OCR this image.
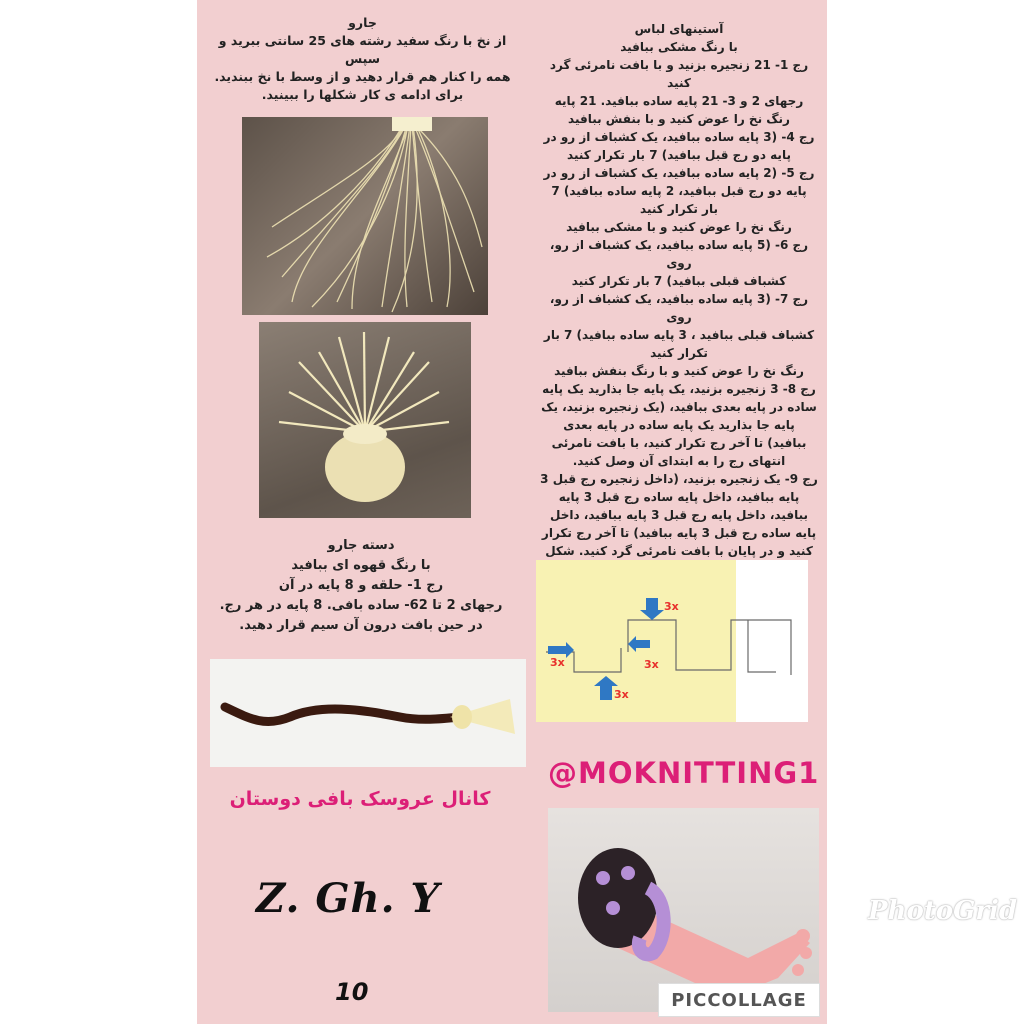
جارو
از نخ با رنگ سفید رشته های 25 سانتی ببرید و سپس
همه را کنار هم قرار دهید و از وسط با نخ ببندید.
برای ادامه ی کار شکلها را ببینید.
آستینهای لباس
با رنگ مشکی ببافید
رج 1- 21 زنجیره بزنید و با بافت نامرئی گرد کنید
رجهای 2 و 3- 21 پایه ساده ببافید. 21 پایه
رنگ نخ را عوض کنید و با بنفش ببافید
رج 4- (3 پایه ساده ببافید، یک کشباف از رو در
پایه دو رج قبل ببافید) 7 بار تکرار کنید
رج 5- (2 پایه ساده ببافید، یک کشباف از رو در
پایه دو رج قبل ببافید، 2 پایه ساده ببافید) 7
بار تکرار کنید
رنگ نخ را عوض کنید و با مشکی ببافید
رج 6- (5 پایه ساده ببافید، یک کشباف از رو، روی
کشباف قبلی ببافید) 7 بار تکرار کنید
رج 7- (3 پایه ساده ببافید، یک کشباف از رو، روی
کشباف قبلی ببافید ، 3 پایه ساده ببافید) 7 بار
تکرار کنید
رنگ نخ را عوض کنید و با رنگ بنفش ببافید
رج 8- 3 زنجیره بزنید، یک پایه جا بذارید یک پایه
ساده در پایه بعدی ببافید، (یک زنجیره بزنید، یک
پایه جا بذارید یک پایه ساده در پایه بعدی
ببافید) تا آخر رج تکرار کنید، با بافت نامرئی
انتهای رج را به ابتدای آن وصل کنید.
رج 9- یک زنجیره بزنید، (داخل زنجیره رج قبل 3
پایه ببافید، داخل پایه ساده رج قبل 3 پایه
ببافید، داخل پایه رج قبل 3 پایه ببافید، داخل
پایه ساده رج قبل 3 پایه ببافید) تا آخر رج تکرار
کنید و در پایان با بافت نامرئی گرد کنید. شکل
دسته جارو
با رنگ قهوه ای ببافید
رج 1- حلقه و 8 پایه در آن
رجهای 2 تا 62- ساده بافی. 8 پایه در هر رج.
در حین بافت درون آن سیم قرار دهید.
3x
3x
3x
3x
@MOKNITTING1
کانال عروسک بافی دوستان
Z. Gh. Y
10
PhotoGrid
PICCOLLAGE
